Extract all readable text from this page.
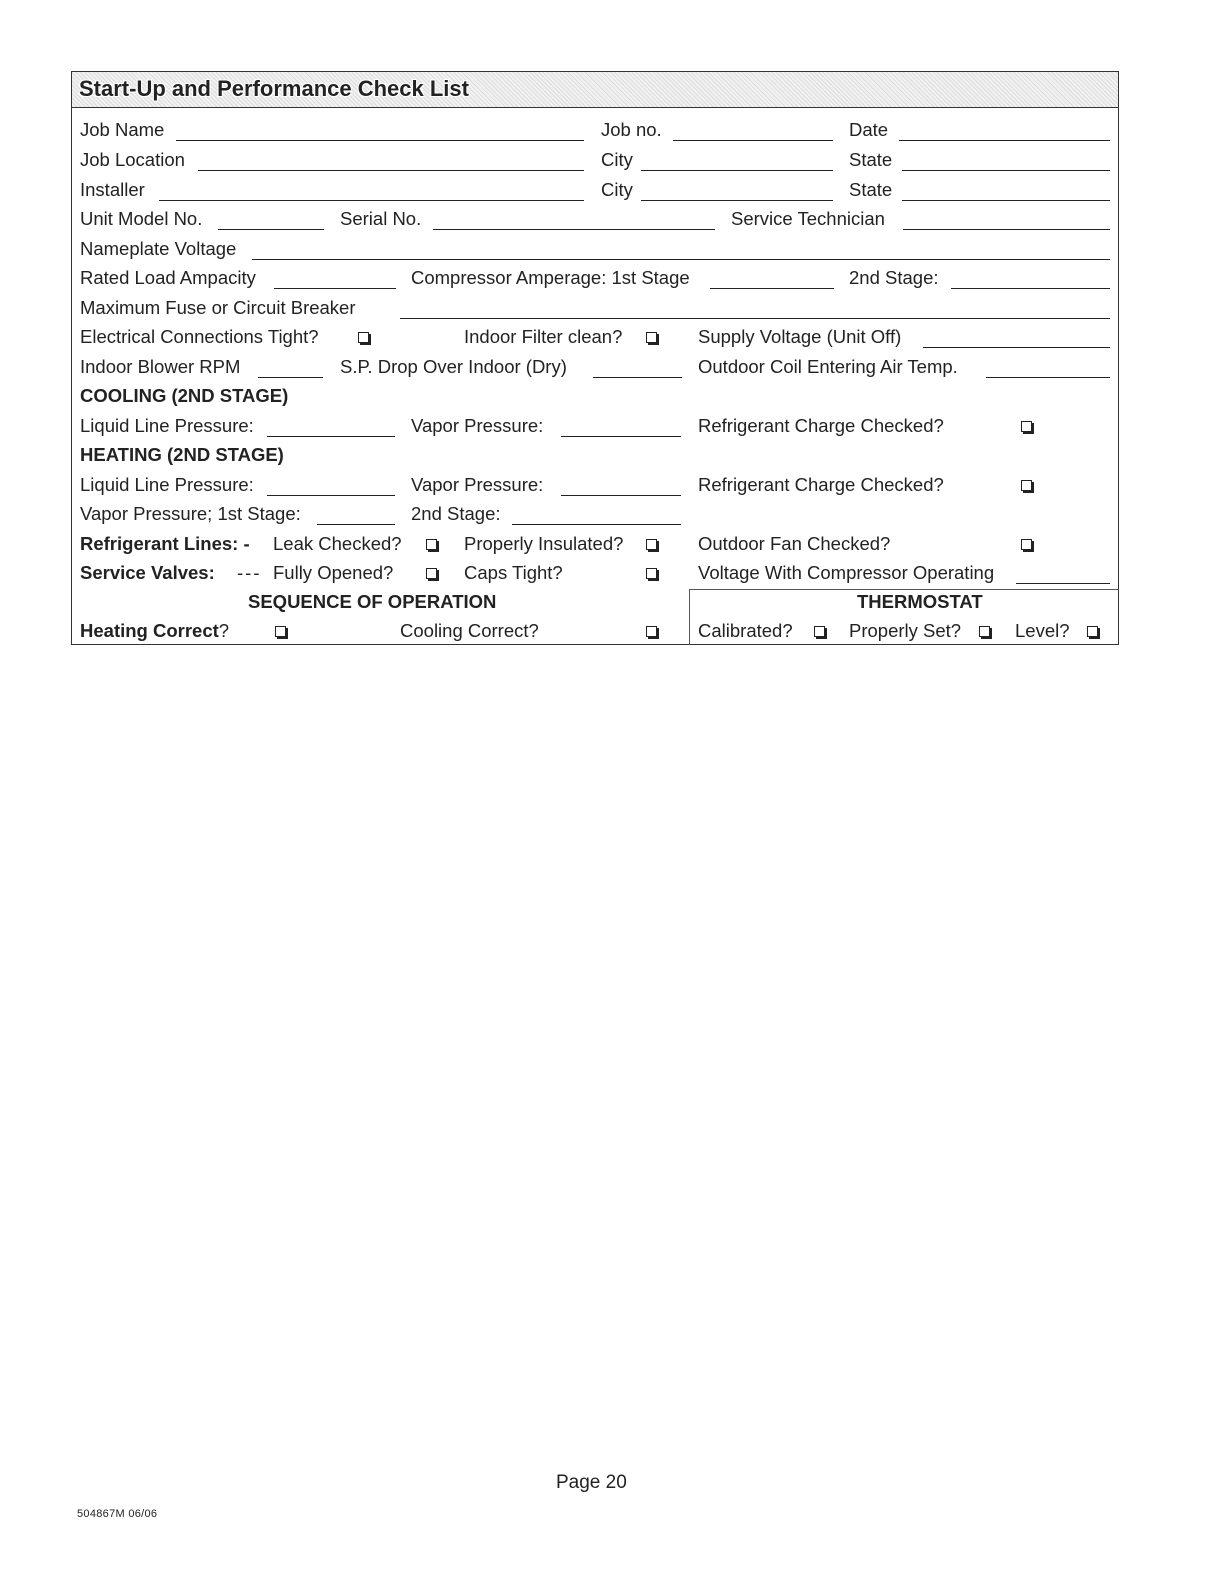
Start-Up and Performance Check List
Job Name	Job no.	Date
Job Location	City	State
Installer	City	State
Unit Model No.	Serial No.	Service Technician
Nameplate Voltage
Rated Load Ampacity	Compressor Amperage: 1st Stage	2nd Stage:
Maximum Fuse or Circuit Breaker
Electrical Connections Tight?	Indoor Filter clean?	Supply Voltage (Unit Off)
Indoor Blower RPM	S.P. Drop Over Indoor (Dry)	Outdoor Coil Entering Air Temp.
COOLING (2ND STAGE)
Liquid Line Pressure:	Vapor Pressure:	Refrigerant Charge Checked?
HEATING (2ND STAGE)
Liquid Line Pressure:	Vapor Pressure:	Refrigerant Charge Checked?
Vapor Pressure; 1st Stage:	2nd Stage:
Refrigerant Lines: - Leak Checked?	Properly Insulated?	Outdoor Fan Checked?
Service Valves: --- Fully Opened?	Caps Tight?	Voltage With Compressor Operating
SEQUENCE OF OPERATION
Heating Correct?	Cooling Correct?
THERMOSTAT
Calibrated?	Properly Set?	Level?
Page 20
504867M 06/06
